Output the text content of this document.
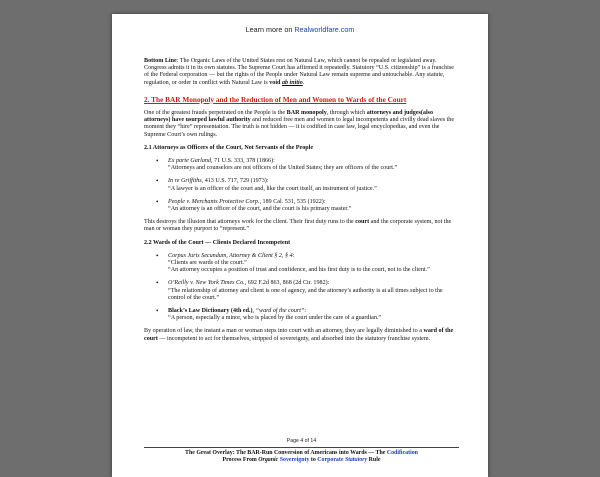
Learn more on Realworldfare.com

Bottom Line: The Organic Laws of the United States rest on Natural Law, which cannot be repealed or legislated away. Congress admits it in its own statutes. The Supreme Court has affirmed it repeatedly. Statutory “U.S. citizenship” is a franchise of the Federal corporation — but the rights of the People under Natural Law remain supreme and untouchable. Any statute, regulation, or order in conflict with Natural Law is void ab initio.

2. The BAR Monopoly and the Reduction of Men and Women to Wards of the Court

One of the greatest frauds perpetrated on the People is the BAR monopoly, through which attorneys and judges(also attorneys) have usurped lawful authority and reduced free men and women to legal incompetents and civilly dead slaves the moment they “hire” representation. The truth is not hidden — it is codified in case law, legal encyclopedias, and even the Supreme Court’s own rulings.

2.1 Attorneys as Officers of the Court, Not Servants of the People
• Ex parte Garland, 71 U.S. 333, 378 (1866):
“Attorneys and counselors are not officers of the United States; they are officers of the court.”
• In re Griffiths, 413 U.S. 717, 729 (1973):
“A lawyer is an officer of the court and, like the court itself, an instrument of justice.”
• People v. Merchants Protective Corp., 189 Cal. 531, 535 (1922):
“An attorney is an officer of the court, and the court is his primary master.”

This destroys the illusion that attorneys work for the client. Their first duty runs to the court and the corporate system, not the man or woman they purport to “represent.”

2.2 Wards of the Court — Clients Declared Incompetent
• Corpus Juris Secundum, Attorney & Client § 2, § 4:
“Clients are wards of the court.”
“An attorney occupies a position of trust and confidence, and his first duty is to the court, not to the client.”
• O’Reilly v. New York Times Co., 692 F.2d 863, 868 (2d Cir. 1982):
“The relationship of attorney and client is one of agency, and the attorney’s authority is at all times subject to the control of the court.”
• Black’s Law Dictionary (4th ed.), “ward of the court”:
“A person, especially a minor, who is placed by the court under the care of a guardian.”

By operation of law, the instant a man or woman steps into court with an attorney, they are legally diminished to a ward of the court — incompetent to act for themselves, stripped of sovereignty, and absorbed into the statutory franchise system.

Page 4 of 14
The Great Overlay: The BAR-Run Conversion of Americans into Wards — The Codification
Process From Organic Sovereignty to Corporate Statutory Rule
